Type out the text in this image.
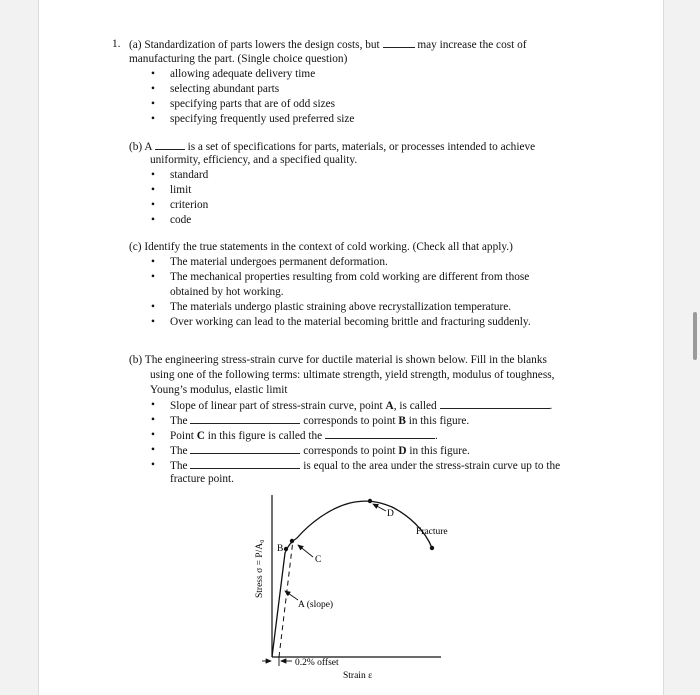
1. (a) Standardization of parts lowers the design costs, but	may increase the cost of
manufacturing the part. (Single choice question)
• allowing adequate delivery time
• selecting abundant parts
• specifying parts that are of odd sizes
• specifying frequently used preferred size
(b) A	is a set of specifications for parts, materials, or processes intended to achieve
uniformity, efficiency, and a specified quality.
• standard
• limit
• criterion
• code
(c) Identify the true statements in the context of cold working. (Check all that apply.)
• The material undergoes permanent deformation.
• The mechanical properties resulting from cold working are different from those
obtained by hot working.
• The materials undergo plastic straining above recrystallization temperature.
• Over working can lead to the material becoming brittle and fracturing suddenly.
(b) The engineering stress-strain curve for ductile material is shown below. Fill in the blanks
using one of the following terms: ultimate strength, yield strength, modulus of toughness,
Young’s modulus, elastic limit
• Slope of linear part of stress-strain curve, point A, is called	.
• The	corresponds to point B in this figure.
• Point C in this figure is called the	.
• The	corresponds to point D in this figure.
• The	is equal to the area under the stress-strain curve up to the
fracture point.
B
C
D
Fracture
A (slope)
0.2% offset
Strain ε
Stress σ = P/A₀
